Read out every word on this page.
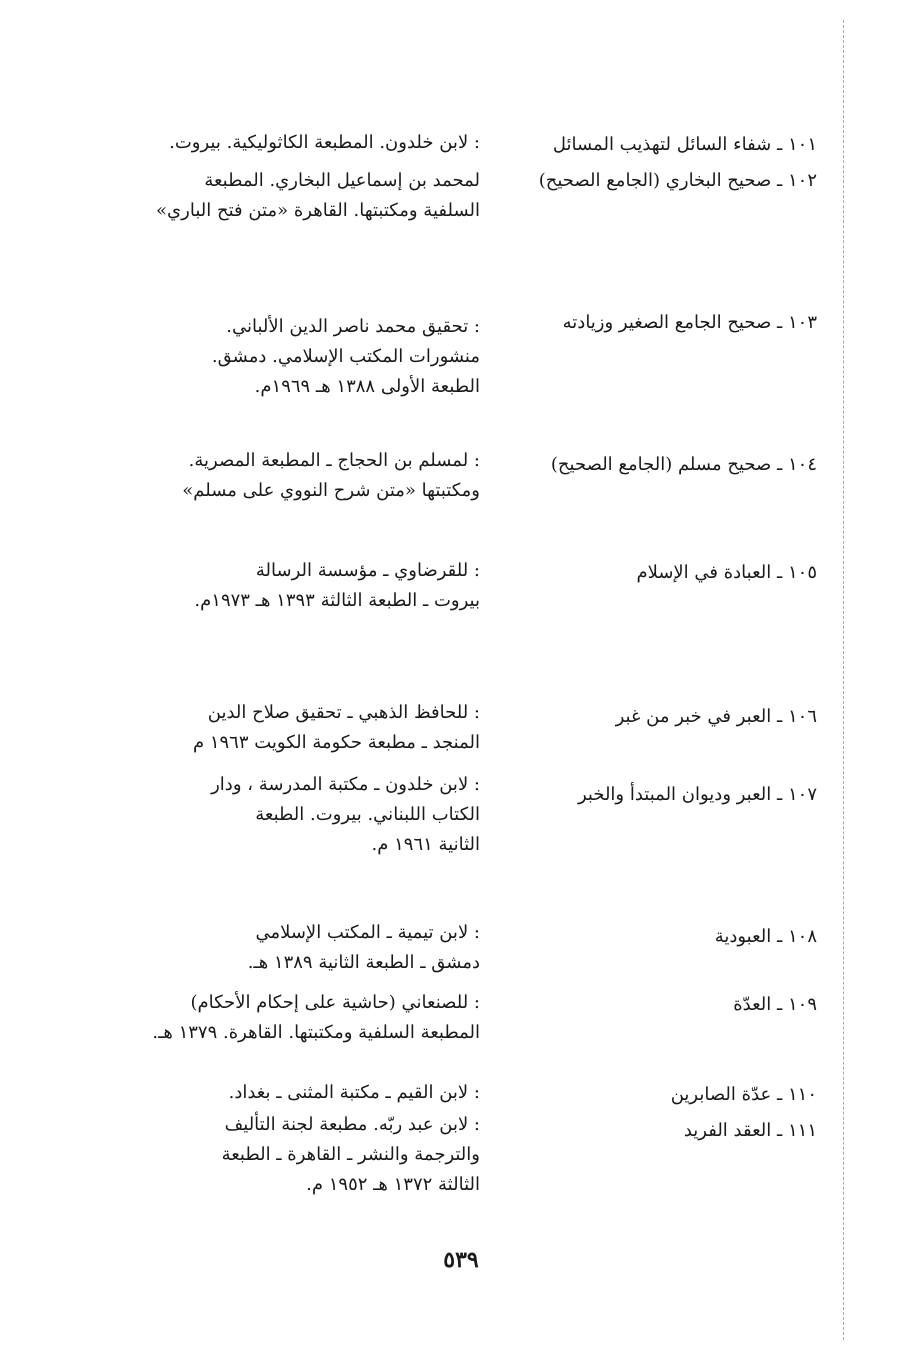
١٠١ ـ شفاء السائل لتهذيب المسائل
: لابن خلدون. المطبعة الكاثوليكية. بيروت.
١٠٢ ـ صحيح البخاري (الجامع الصحيح)
لمحمد بن إسماعيل البخاري. المطبعة
السلفية ومكتبتها. القاهرة «متن فتح الباري»
١٠٣ ـ صحيح الجامع الصغير وزيادته
: تحقيق محمد ناصر الدين الألباني.
منشورات المكتب الإسلامي. دمشق.
الطبعة الأولى ١٣٨٨ هـ ١٩٦٩م.
١٠٤ ـ صحيح مسلم (الجامع الصحيح)
: لمسلم بن الحجاج ـ المطبعة المصرية.
ومكتبتها «متن شرح النووي على مسلم»
١٠٥ ـ العبادة في الإسلام
: للقرضاوي ـ مؤسسة الرسالة
بيروت ـ الطبعة الثالثة ١٣٩٣ هـ ١٩٧٣م.
١٠٦ ـ العبر في خبر من غبر
: للحافظ الذهبي ـ تحقيق صلاح الدين
المنجد ـ مطبعة حكومة الكويت ١٩٦٣ م
١٠٧ ـ العبر وديوان المبتدأ والخبر
: لابن خلدون ـ مكتبة المدرسة ، ودار
الكتاب اللبناني. بيروت. الطبعة
الثانية ١٩٦١ م.
١٠٨ ـ العبودية
: لابن تيمية ـ المكتب الإسلامي
دمشق ـ الطبعة الثانية ١٣٨٩ هـ.
١٠٩ ـ العدّة
: للصنعاني (حاشية على إحكام الأحكام)
المطبعة السلفية ومكتبتها. القاهرة. ١٣٧٩ هـ.
١١٠ ـ عدّة الصابرين
: لابن القيم ـ مكتبة المثنى ـ بغداد.
١١١ ـ العقد الفريد
: لابن عبد ربّه. مطبعة لجنة التأليف
والترجمة والنشر ـ القاهرة ـ الطبعة
الثالثة ١٣٧٢ هـ ١٩٥٢ م.
٥٣٩
